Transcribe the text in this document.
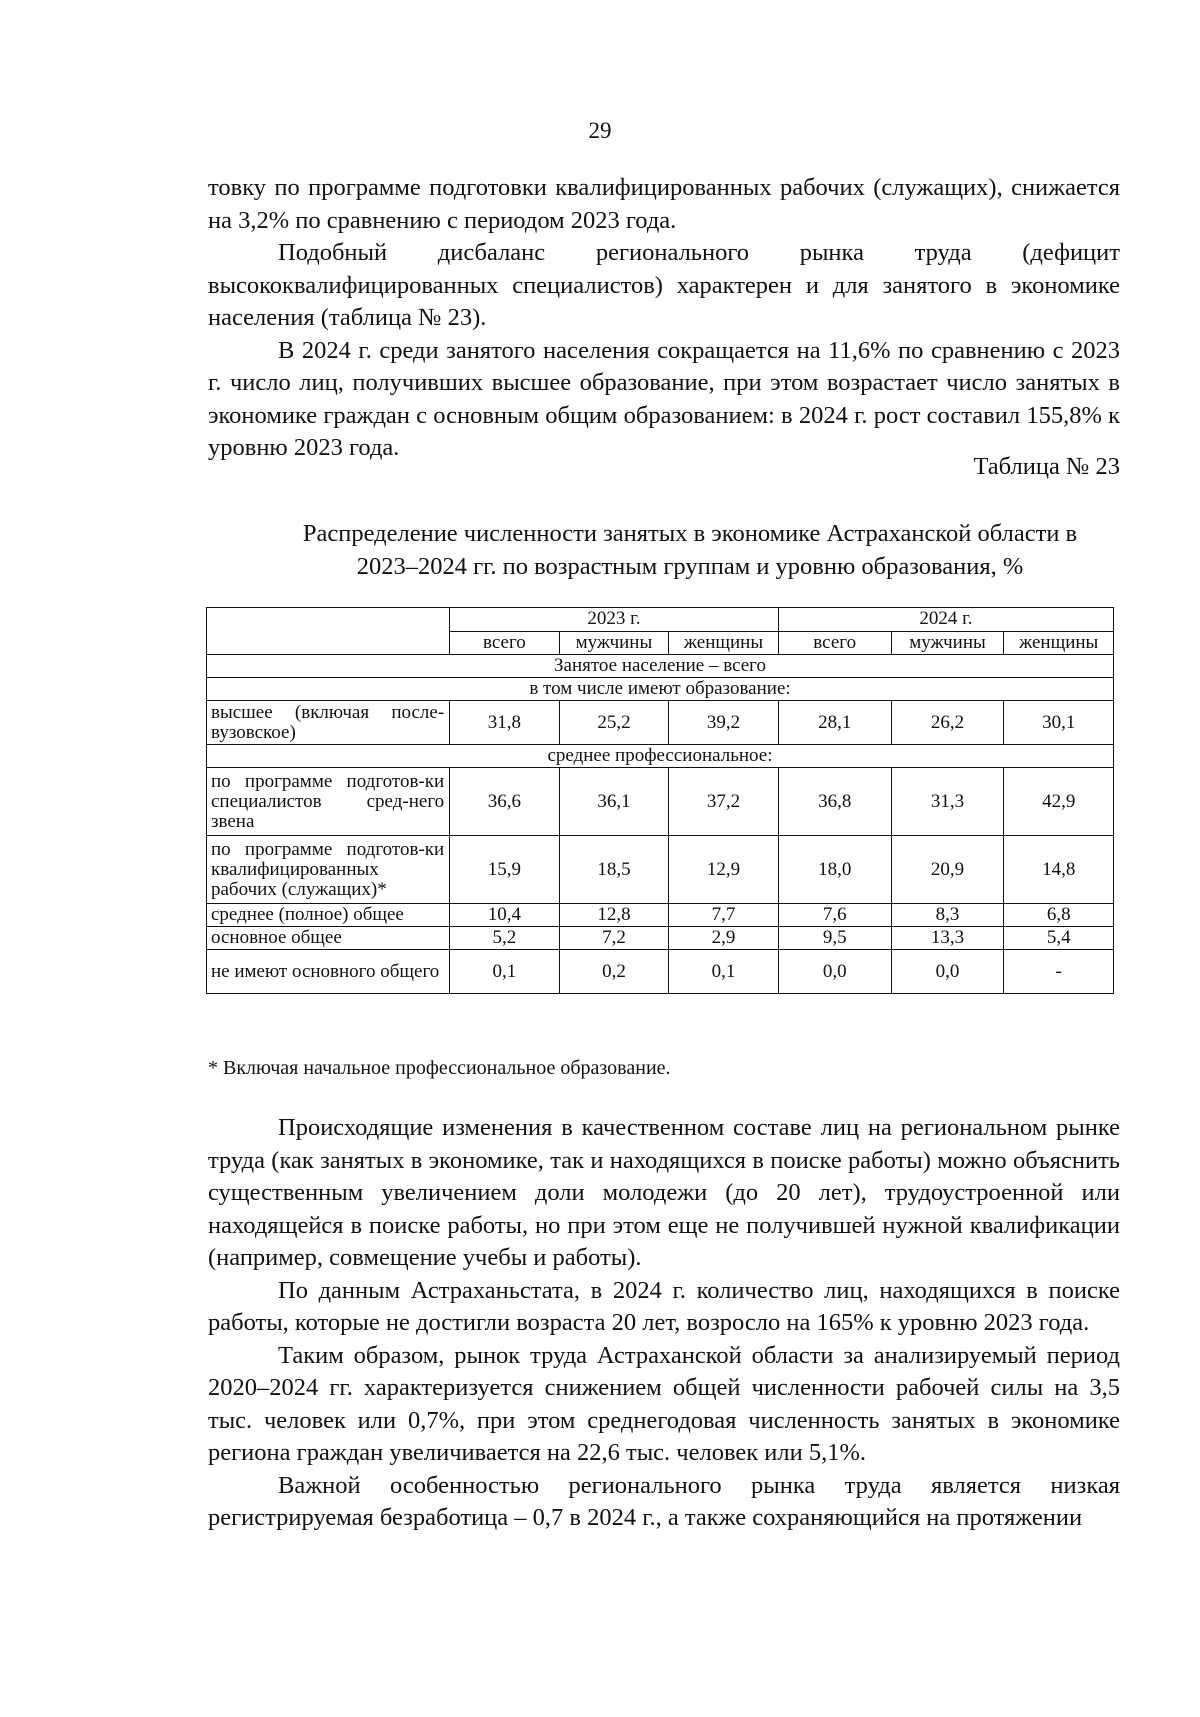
29

товку по программе подготовки квалифицированных рабочих (служащих), снижается на 3,2% по сравнению с периодом 2023 года.

Подобный дисбаланс регионального рынка труда (дефицит высококвалифицированных специалистов) характерен и для занятого в экономике населения (таблица № 23).

В 2024 г. среди занятого населения сокращается на 11,6% по сравнению с 2023 г. число лиц, получивших высшее образование, при этом возрастает число занятых в экономике граждан с основным общим образованием: в 2024 г. рост составил 155,8% к уровню 2023 года.

Таблица № 23
Распределение численности занятых в экономике Астраханской области в
2023–2024 гг. по возрастным группам и уровню образования, %
	2023 г.			2024 г.		
	всего	мужчины	женщины	всего	мужчины	женщины
Занятое население – всего						
в том числе имеют образование:						
высшее (включая после-вузовское)	31,8	25,2	39,2	28,1	26,2	30,1
среднее профессиональное:						
по программе подготов-ки специалистов сред-него звена	36,6	36,1	37,2	36,8	31,3	42,9
по программе подготов-ки квалифицированных рабочих (служащих)*	15,9	18,5	12,9	18,0	20,9	14,8
среднее (полное) общее	10,4	12,8	7,7	7,6	8,3	6,8
основное общее	5,2	7,2	2,9	9,5	13,3	5,4
не имеют основного общего	0,1	0,2	0,1	0,0	0,0	-
* Включая начальное профессиональное образование.

Происходящие изменения в качественном составе лиц на региональном рынке труда (как занятых в экономике, так и находящихся в поиске работы) можно объяснить существенным увеличением доли молодежи (до 20 лет), трудоустроенной или находящейся в поиске работы, но при этом еще не получившей нужной квалификации (например, совмещение учебы и работы).

По данным Астраханьстата, в 2024 г. количество лиц, находящихся в поиске работы, которые не достигли возраста 20 лет, возросло на 165% к уровню 2023 года.

Таким образом, рынок труда Астраханской области за анализируемый период 2020–2024 гг. характеризуется снижением общей численности рабочей силы на 3,5 тыс. человек или 0,7%, при этом среднегодовая численность занятых в экономике региона граждан увеличивается на 22,6 тыс. человек или 5,1%.

Важной особенностью регионального рынка труда является низкая регистрируемая безработица – 0,7 в 2024 г., а также сохраняющийся на протяжении
